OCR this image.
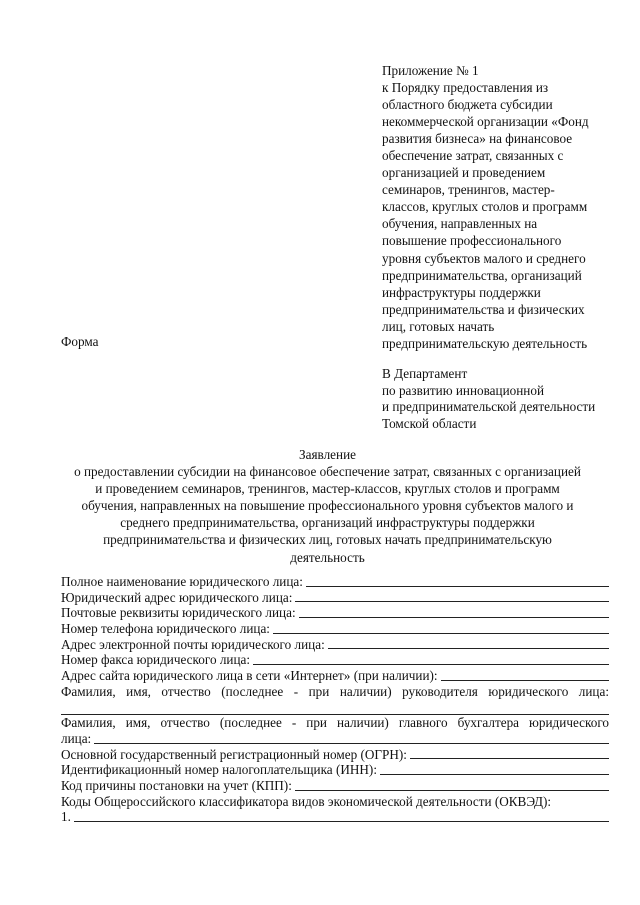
Приложение № 1
к Порядку предоставления из
областного бюджета субсидии
некоммерческой организации «Фонд
развития бизнеса» на финансовое
обеспечение затрат, связанных с
организацией и проведением
семинаров, тренингов, мастер-
классов, круглых столов и программ
обучения, направленных на
повышение профессионального
уровня субъектов малого и среднего
предпринимательства, организаций
инфраструктуры поддержки
предпринимательства и физических
лиц, готовых начать
предпринимательскую деятельность
Форма
В Департамент
по развитию инновационной
и предпринимательской деятельности
Томской области
Заявление
о предоставлении субсидии на финансовое обеспечение затрат, связанных с организацией
и проведением семинаров, тренингов, мастер-классов, круглых столов и программ
обучения, направленных на повышение профессионального уровня субъектов малого и
среднего предпринимательства, организаций инфраструктуры поддержки
предпринимательства и физических лиц, готовых начать предпринимательскую
деятельность
Полное наименование юридического лица:
Юридический адрес юридического лица:
Почтовые реквизиты юридического лица:
Номер телефона юридического лица:
Адрес электронной почты юридического лица:
Номер факса юридического лица:
Адрес сайта юридического лица в сети «Интернет» (при наличии):
Фамилия, имя, отчество (последнее - при наличии) руководителя юридического лица:
Фамилия, имя, отчество (последнее - при наличии) главного бухгалтера юридического
лица:
Основной государственный регистрационный номер (ОГРН):
Идентификационный номер налогоплательщика (ИНН):
Код причины постановки на учет (КПП):
Коды Общероссийского классификатора видов экономической деятельности (ОКВЭД):
1.
